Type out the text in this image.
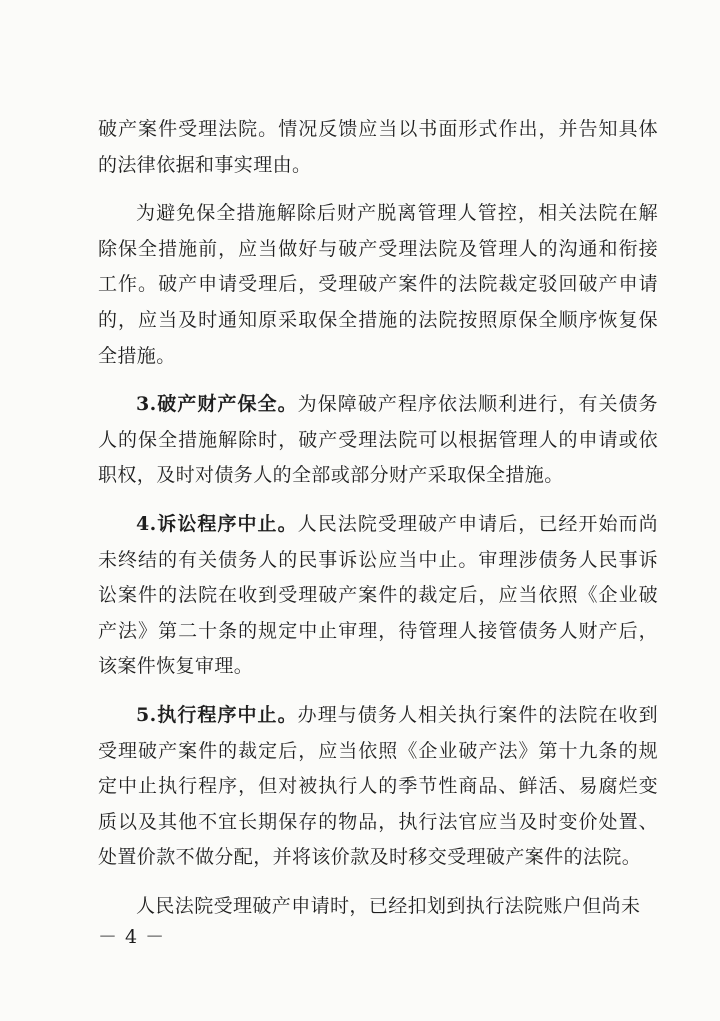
破产案件受理法院。情况反馈应当以书面形式作出，并告知具体的法律依据和事实理由。

为避免保全措施解除后财产脱离管理人管控，相关法院在解除保全措施前，应当做好与破产受理法院及管理人的沟通和衔接工作。破产申请受理后，受理破产案件的法院裁定驳回破产申请的，应当及时通知原采取保全措施的法院按照原保全顺序恢复保全措施。

3.破产财产保全。为保障破产程序依法顺利进行，有关债务人的保全措施解除时，破产受理法院可以根据管理人的申请或依职权，及时对债务人的全部或部分财产采取保全措施。

4.诉讼程序中止。人民法院受理破产申请后，已经开始而尚未终结的有关债务人的民事诉讼应当中止。审理涉债务人民事诉讼案件的法院在收到受理破产案件的裁定后，应当依照《企业破产法》第二十条的规定中止审理，待管理人接管债务人财产后，该案件恢复审理。

5.执行程序中止。办理与债务人相关执行案件的法院在收到受理破产案件的裁定后，应当依照《企业破产法》第十九条的规定中止执行程序，但对被执行人的季节性商品、鲜活、易腐烂变质以及其他不宜长期保存的物品，执行法官应当及时变价处置、处置价款不做分配，并将该价款及时移交受理破产案件的法院。

人民法院受理破产申请时，已经扣划到执行法院账户但尚未

－ 4 －
